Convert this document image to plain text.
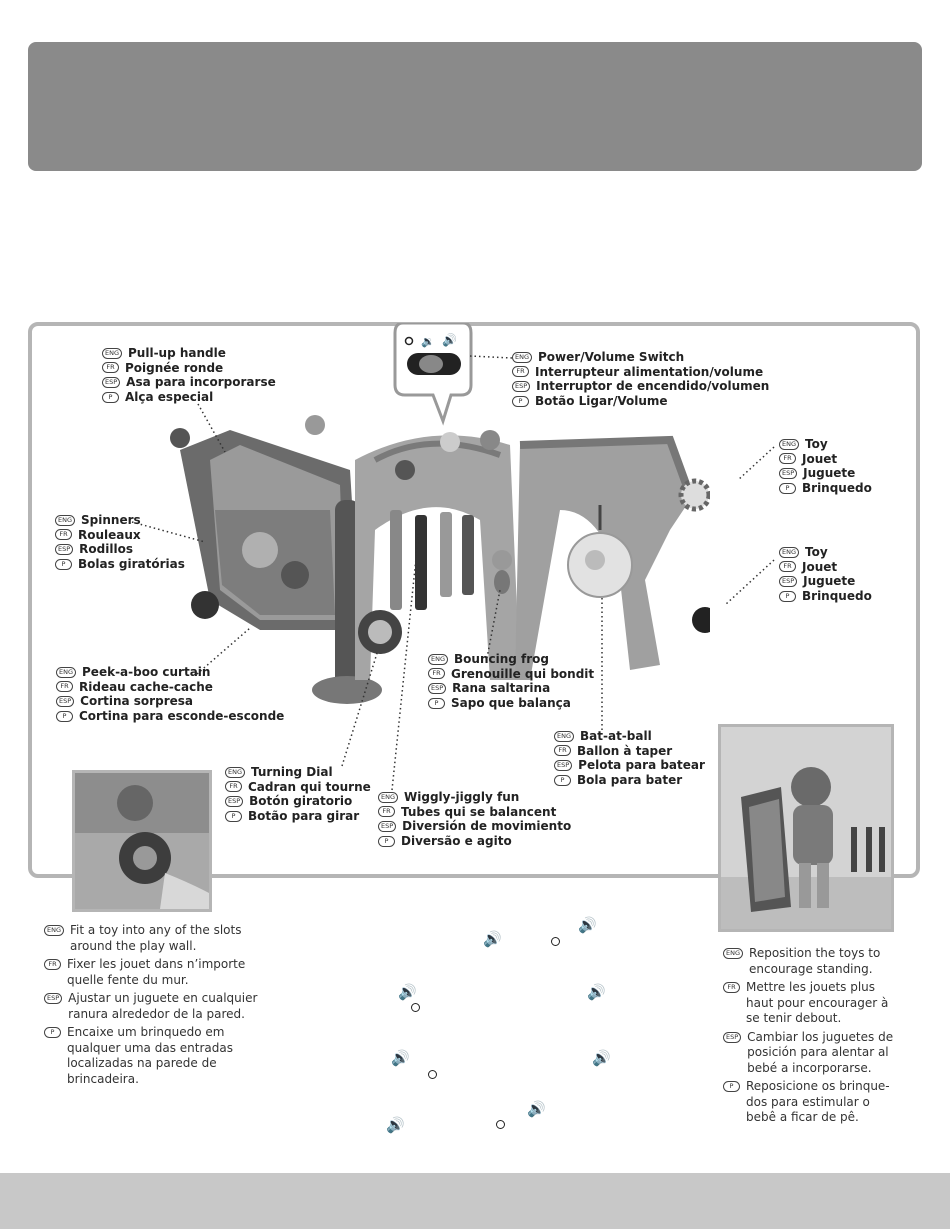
🔉 🔊
ENG Pull-up handle
FR Poignée ronde
ESP Asa para incorporarse
P	Alça especial
ENG Power/Volume Switch
FR Interrupteur alimentation/volume
ESP Interruptor de encendido/volumen
P	Botão Ligar/Volume
ENG Toy
FR Jouet
ESP Juguete
P	Brinquedo
ENG Spinners
FR Rouleaux
ESP Rodillos
P	Bolas giratórias
ENG Toy
FR Jouet
ESP Juguete
P	Brinquedo
ENG Bouncing frog
FR Grenouille qui bondit
ESP Rana saltarina
P	Sapo que balança
ENG Peek-a-boo curtain
FR Rideau cache-cache
ESP Cortina sorpresa
P	Cortina para esconde-esconde
ENG Bat-at-ball
FR Ballon à taper
ESP Pelota para batear
P	Bola para bater
ENG Turning Dial
FR Cadran qui tourne
ESP Botón giratorio
P	Botão para girar
ENG Wiggly-jiggly fun
FR Tubes qui se balancent
ESP Diversión de movimiento
P	Diversão e agito
ENG Fit a toy into any of the slots
around the play wall.
FR Fixer les jouet dans n’importe
quelle fente du mur.
ESP Ajustar un juguete en cualquier
ranura alrededor de la pared.
P	Encaixe um brinquedo em
qualquer uma das entradas
localizadas na parede de
brincadeira.
ENG Reposition the toys to
encourage standing.
FR Mettre les jouets plus
haut pour encourager à
se tenir debout.
ESP Cambiar los juguetes de
posición para alentar al
bebé a incorporarse.
P	Reposicione os brinque-
dos para estimular o
bebê a ficar de pê.
🔊
🔊
🔊	🔊
🔊	🔊
🔊
🔊
